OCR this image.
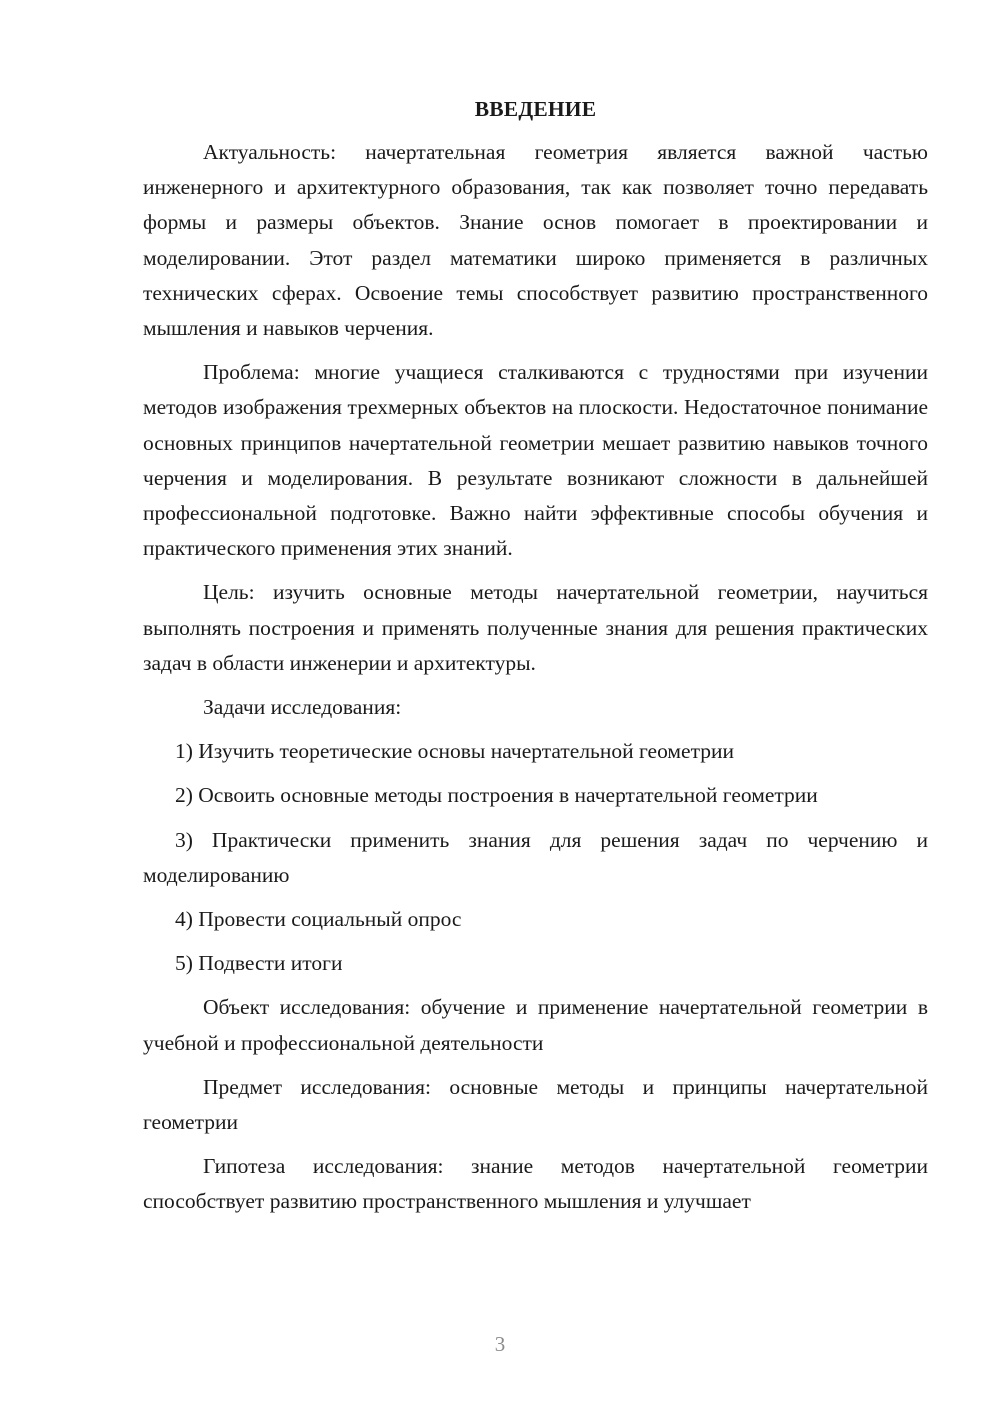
ВВЕДЕНИЕ

Актуальность: начертательная геометрия является важной частью инженерного и архитектурного образования, так как позволяет точно передавать формы и размеры объектов. Знание основ помогает в проектировании и моделировании. Этот раздел математики широко применяется в различных технических сферах. Освоение темы способствует развитию пространственного мышления и навыков черчения.

Проблема: многие учащиеся сталкиваются с трудностями при изучении методов изображения трехмерных объектов на плоскости. Недостаточное понимание основных принципов начертательной геометрии мешает развитию навыков точного черчения и моделирования. В результате возникают сложности в дальнейшей профессиональной подготовке. Важно найти эффективные способы обучения и практического применения этих знаний.

Цель: изучить основные методы начертательной геометрии, научиться выполнять построения и применять полученные знания для решения практических задач в области инженерии и архитектуры.

Задачи исследования:

1) Изучить теоретические основы начертательной геометрии

2) Освоить основные методы построения в начертательной геометрии

3) Практически применить знания для решения задач по черчению и моделированию

4) Провести социальный опрос

5) Подвести итоги

Объект исследования: обучение и применение начертательной геометрии в учебной и профессиональной деятельности

Предмет исследования: основные методы и принципы начертательной геометрии

Гипотеза исследования: знание методов начертательной геометрии способствует развитию пространственного мышления и улучшает

3
